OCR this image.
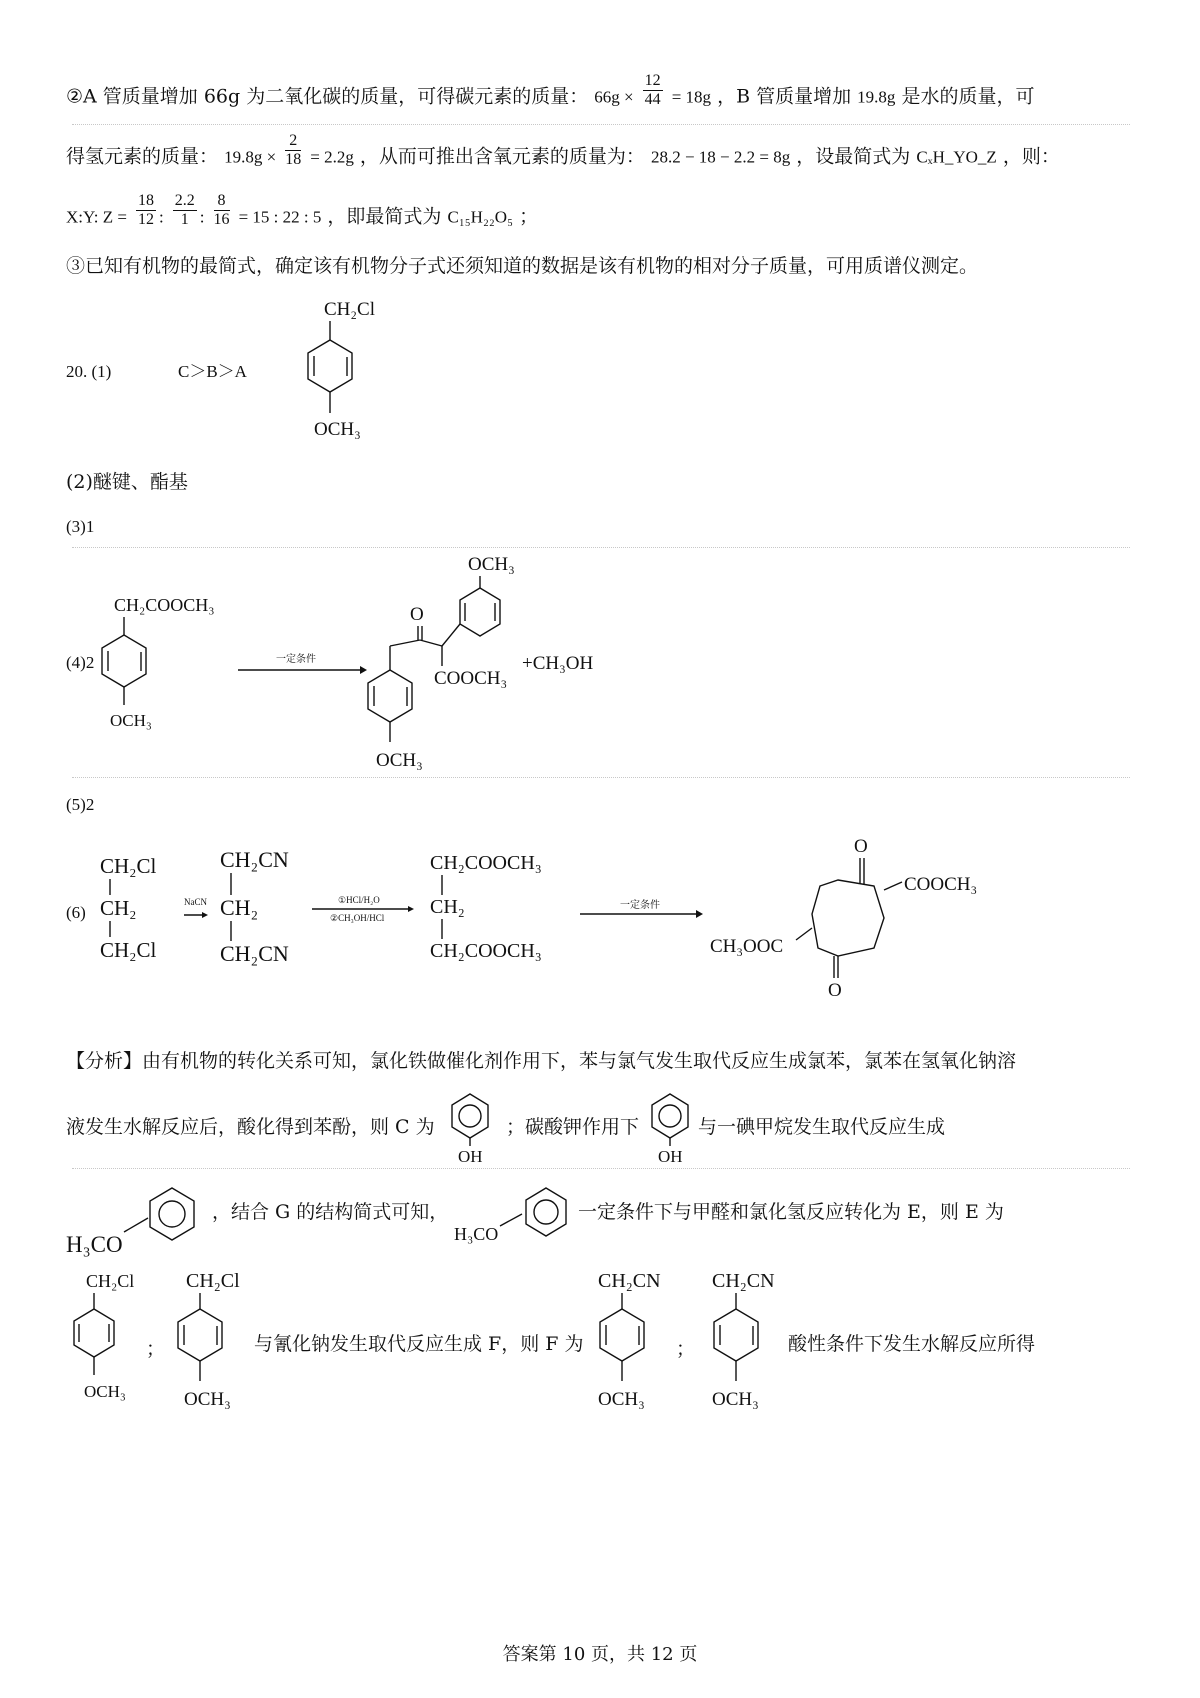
②A 管质量增加 66g 为二氧化碳的质量，可得碳元素的质量： $66g \times \frac{12}{44} = 18g$ ，B 管质量增加 19.8g 是水的质量，可
得氢元素的质量： $19.8g \times \frac{2}{18} = 2.2g$ ，从而可推出含氧元素的质量为： 28.2 − 18 − 2.2 = 8g ，设最简式为 CₓH_YO_Z ，则：
X:Y: $Z = \frac{18}{12}$ : $\frac{2.2}{1}$ : $\frac{8}{16} = 15$ : 22 : 5 ，即最简式为 C₁₅H₂₂O₅ ；
③已知有机物的最简式，确定该有机物分子式还须知道的数据是该有机物的相对分子质量，可用质谱仪测定。
20. (1)	C＞B＞A
CH₂Cl
OCH₃
(2)醚键、酯基
(3)1
(4)2
CH₂COOCH₃
OCH₃
一定条件
OCH₃
O
COOCH₃
OCH₃
+CH₃OH
(5)2
(6)
CH₂Cl
CH₂
CH₂Cl
NaCN
CH₂CN
CH₂
CH₂CN
①HCl/H₂O
②CH₃OH/HCl
CH₂COOCH₃
CH₂
CH₂COOCH₃
一定条件
O
COOCH₃
O
CH₃OOC
【分析】由有机物的转化关系可知，氯化铁做催化剂作用下，苯与氯气发生取代反应生成氯苯，氯苯在氢氧化钠溶
液发生水解反应后，酸化得到苯酚，则 C 为
OH
；碳酸钾作用下
OH
与一碘甲烷发生取代反应生成
H₃CO
，结合 G 的结构简式可知，
H₃CO
一定条件下与甲醛和氯化氢反应转化为 E，则 E 为
CH₂Cl
OCH₃
；
CH₂Cl
OCH₃
与氰化钠发生取代反应生成 F，则 F 为
CH₂CN
OCH₃
；
CH₂CN
OCH₃
酸性条件下发生水解反应所得
答案第 10 页，共 12 页
